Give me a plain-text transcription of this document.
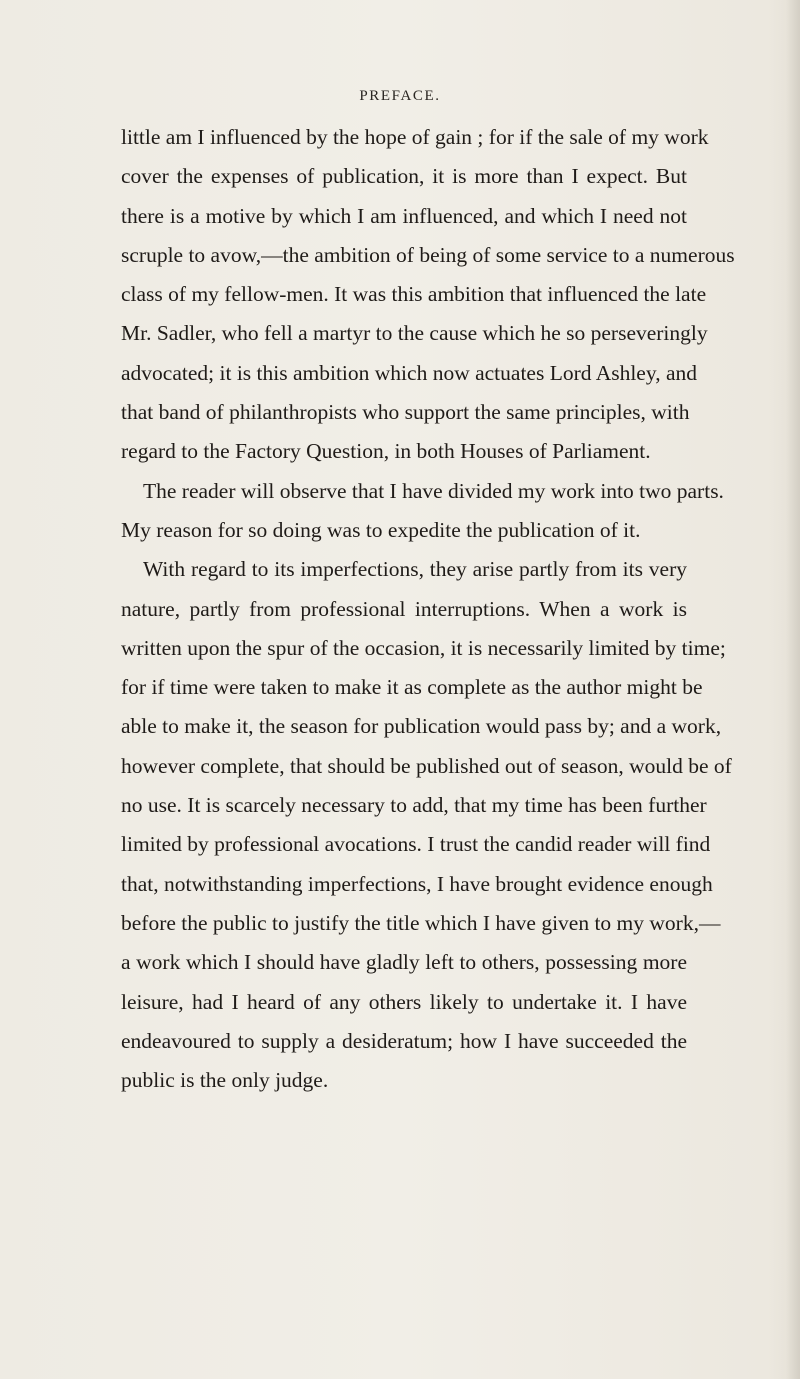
PREFACE.
little am I influenced by the hope of gain ; for if the sale of my work
cover the expenses of publication, it is more than I expect. But
there is a motive by which I am influenced, and which I need not
scruple to avow,—the ambition of being of some service to a numerous
class of my fellow-men. It was this ambition that influenced the late
Mr. Sadler, who fell a martyr to the cause which he so perseveringly
advocated; it is this ambition which now actuates Lord Ashley, and
that band of philanthropists who support the same principles, with
regard to the Factory Question, in both Houses of Parliament.
The reader will observe that I have divided my work into two parts.
My reason for so doing was to expedite the publication of it.
With regard to its imperfections, they arise partly from its very
nature, partly from professional interruptions. When a work is
written upon the spur of the occasion, it is necessarily limited by time;
for if time were taken to make it as complete as the author might be
able to make it, the season for publication would pass by; and a work,
however complete, that should be published out of season, would be of
no use. It is scarcely necessary to add, that my time has been further
limited by professional avocations. I trust the candid reader will find
that, notwithstanding imperfections, I have brought evidence enough
before the public to justify the title which I have given to my work,—
a work which I should have gladly left to others, possessing more
leisure, had I heard of any others likely to undertake it. I have
endeavoured to supply a desideratum; how I have succeeded the
public is the only judge.
